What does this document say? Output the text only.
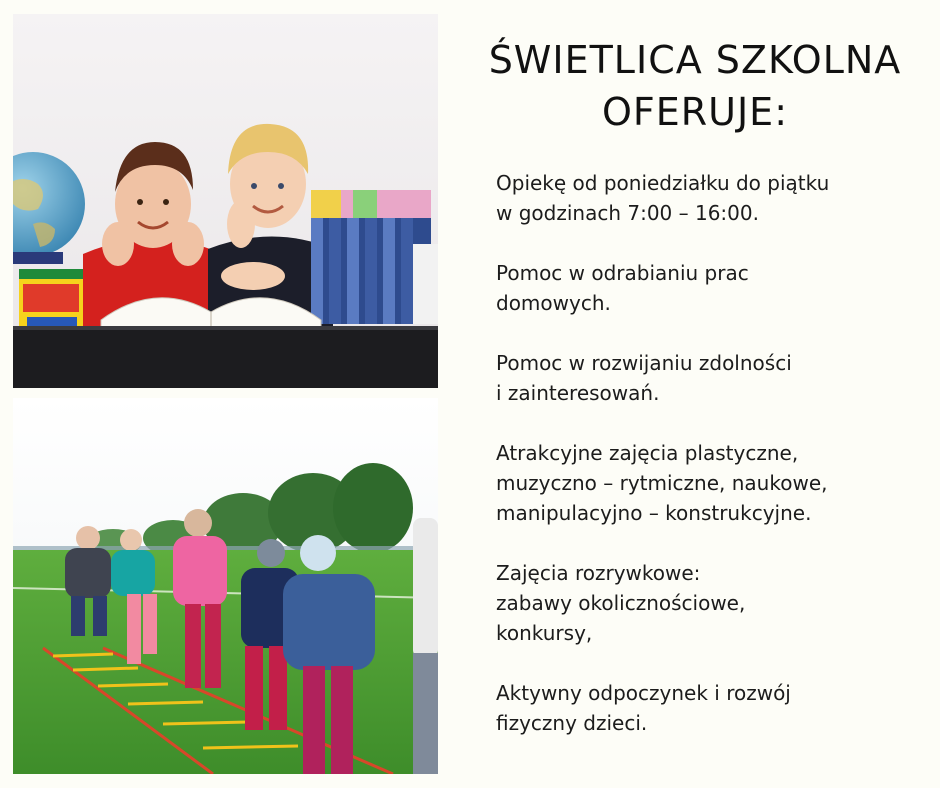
ŚWIETLICA SZKOLNA
OFERUJE:
Opiekę od poniedziałku do piątku
w godzinach 7:00 – 16:00.
Pomoc w odrabianiu prac
domowych.
Pomoc w rozwijaniu zdolności
i zainteresowań.
Atrakcyjne zajęcia plastyczne,
muzyczno – rytmiczne, naukowe,
manipulacyjno – konstrukcyjne.
Zajęcia rozrywkowe:
zabawy okolicznościowe,
konkursy,
Aktywny odpoczynek i rozwój
fizyczny dzieci.
